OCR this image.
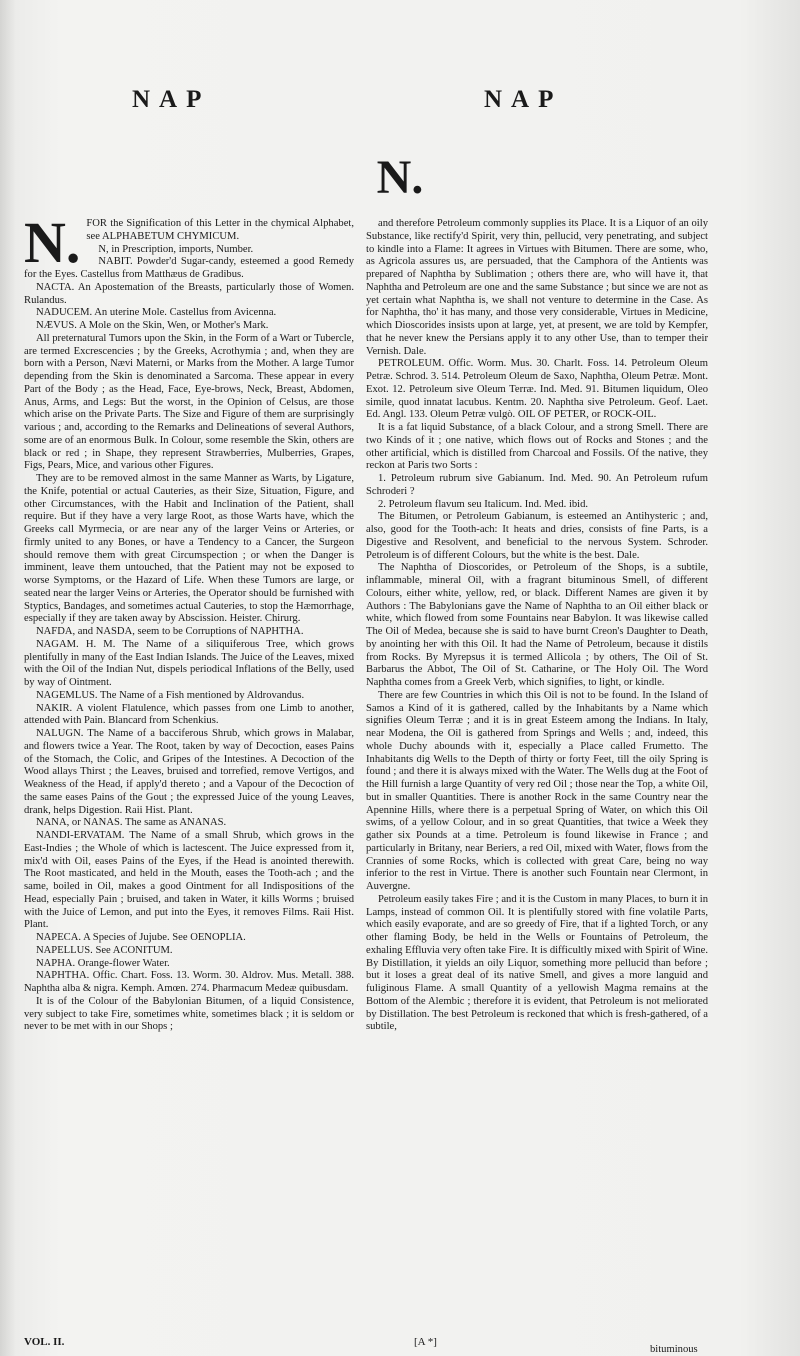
NAP	NAP
N.

N. FOR the Signification of this Letter in the chymical Alphabet, see ALPHABETUM CHYMICUM.

N, in Prescription, imports, Number.

NABIT. Powder'd Sugar-candy, esteemed a good Remedy for the Eyes. Castellus from Matthæus de Gradibus.

NACTA. An Apostemation of the Breasts, particularly those of Women. Rulandus.

NADUCEM. An uterine Mole. Castellus from Avicenna.

NÆVUS. A Mole on the Skin, Wen, or Mother's Mark.

All preternatural Tumors upon the Skin, in the Form of a Wart or Tubercle, are termed Excrescencies ; by the Greeks, Acrothymia ; and, when they are born with a Person, Nævi Materni, or Marks from the Mother. A large Tumor depending from the Skin is denominated a Sarcoma. These appear in every Part of the Body ; as the Head, Face, Eye-brows, Neck, Breast, Abdomen, Anus, Arms, and Legs: But the worst, in the Opinion of Celsus, are those which arise on the Private Parts. The Size and Figure of them are surprisingly various ; and, according to the Remarks and Delineations of several Authors, some are of an enormous Bulk. In Colour, some resemble the Skin, others are black or red ; in Shape, they represent Strawberries, Mulberries, Grapes, Figs, Pears, Mice, and various other Figures.

They are to be removed almost in the same Manner as Warts, by Ligature, the Knife, potential or actual Cauteries, as their Size, Situation, Figure, and other Circumstances, with the Habit and Inclination of the Patient, shall require. But if they have a very large Root, as those Warts have, which the Greeks call Myrmecia, or are near any of the larger Veins or Arteries, or firmly united to any Bones, or have a Tendency to a Cancer, the Surgeon should remove them with great Circumspection ; or when the Danger is imminent, leave them untouched, that the Patient may not be exposed to worse Symptoms, or the Hazard of Life. When these Tumors are large, or seated near the larger Veins or Arteries, the Operator should be furnished with Styptics, Bandages, and sometimes actual Cauteries, to stop the Hæmorrhage, especially if they are taken away by Abscission. Heister. Chirurg.

NAFDA, and NASDA, seem to be Corruptions of NAPHTHA.

NAGAM. H. M. The Name of a siliquiferous Tree, which grows plentifully in many of the East Indian Islands. The Juice of the Leaves, mixed with the Oil of the Indian Nut, dispels periodical Inflations of the Belly, used by way of Ointment.

NAGEMLUS. The Name of a Fish mentioned by Aldrovandus.

NAKIR. A violent Flatulence, which passes from one Limb to another, attended with Pain. Blancard from Schenkius.

NALUGN. The Name of a bacciferous Shrub, which grows in Malabar, and flowers twice a Year. The Root, taken by way of Decoction, eases Pains of the Stomach, the Colic, and Gripes of the Intestines. A Decoction of the Wood allays Thirst ; the Leaves, bruised and torrefied, remove Vertigos, and Weakness of the Head, if apply'd thereto ; and a Vapour of the Decoction of the same eases Pains of the Gout ; the expressed Juice of the young Leaves, drank, helps Digestion. Raii Hist. Plant.

NANA, or NANAS. The same as ANANAS.

NANDI-ERVATAM. The Name of a small Shrub, which grows in the East-Indies ; the Whole of which is lactescent. The Juice expressed from it, mix'd with Oil, eases Pains of the Eyes, if the Head is anointed therewith. The Root masticated, and held in the Mouth, eases the Tooth-ach ; and the same, boiled in Oil, makes a good Ointment for all Indispositions of the Head, especially Pain ; bruised, and taken in Water, it kills Worms ; bruised with the Juice of Lemon, and put into the Eyes, it removes Films. Raii Hist. Plant.

NAPECA. A Species of Jujube. See OENOPLIA.

NAPELLUS. See ACONITUM.

NAPHA. Orange-flower Water.

NAPHTHA. Offic. Chart. Foss. 13. Worm. 30. Aldrov. Mus. Metall. 388. Naphtha alba & nigra. Kemph. Amœn. 274. Pharmacum Medeæ quibusdam.

It is of the Colour of the Babylonian Bitumen, of a liquid Consistence, very subject to take Fire, sometimes white, sometimes black ; it is seldom or never to be met with in our Shops ;

and therefore Petroleum commonly supplies its Place. It is a Liquor of an oily Substance, like rectify'd Spirit, very thin, pellucid, very penetrating, and subject to kindle into a Flame: It agrees in Virtues with Bitumen. There are some, who, as Agricola assures us, are persuaded, that the Camphora of the Antients was prepared of Naphtha by Sublimation ; others there are, who will have it, that Naphtha and Petroleum are one and the same Substance ; but since we are not as yet certain what Naphtha is, we shall not venture to determine in the Case. As for Naphtha, tho' it has many, and those very considerable, Virtues in Medicine, which Dioscorides insists upon at large, yet, at present, we are told by Kempfer, that he never knew the Persians apply it to any other Use, than to temper their Vernish. Dale.

PETROLEUM. Offic. Worm. Mus. 30. Charlt. Foss. 14. Petroleum Oleum Petræ. Schrod. 3. 514. Petroleum Oleum de Saxo, Naphtha, Oleum Petræ. Mont. Exot. 12. Petroleum sive Oleum Terræ. Ind. Med. 91. Bitumen liquidum, Oleo simile, quod innatat lacubus. Kentm. 20. Naphtha sive Petroleum. Geof. Laet. Ed. Angl. 133. Oleum Petræ vulgò. OIL OF PETER, or ROCK-OIL.

It is a fat liquid Substance, of a black Colour, and a strong Smell. There are two Kinds of it ; one native, which flows out of Rocks and Stones ; and the other artificial, which is distilled from Charcoal and Fossils. Of the native, they reckon at Paris two Sorts :

1. Petroleum rubrum sive Gabianum. Ind. Med. 90. An Petroleum rufum Schroderi ?

2. Petroleum flavum seu Italicum. Ind. Med. ibid.

The Bitumen, or Petroleum Gabianum, is esteemed an Antihysteric ; and, also, good for the Tooth-ach: It heats and dries, consists of fine Parts, is a Digestive and Resolvent, and beneficial to the nervous System. Schroder. Petroleum is of different Colours, but the white is the best. Dale.

The Naphtha of Dioscorides, or Petroleum of the Shops, is a subtile, inflammable, mineral Oil, with a fragrant bituminous Smell, of different Colours, either white, yellow, red, or black. Different Names are given it by Authors : The Babylonians gave the Name of Naphtha to an Oil either black or white, which flowed from some Fountains near Babylon. It was likewise called The Oil of Medea, because she is said to have burnt Creon's Daughter to Death, by anointing her with this Oil. It had the Name of Petroleum, because it distils from Rocks. By Myrepsus it is termed Allicola ; by others, The Oil of St. Barbarus the Abbot, The Oil of St. Catharine, or The Holy Oil. The Word Naphtha comes from a Greek Verb, which signifies, to light, or kindle.

There are few Countries in which this Oil is not to be found. In the Island of Samos a Kind of it is gathered, called by the Inhabitants by a Name which signifies Oleum Terræ ; and it is in great Esteem among the Indians. In Italy, near Modena, the Oil is gathered from Springs and Wells ; and, indeed, this whole Duchy abounds with it, especially a Place called Frumetto. The Inhabitants dig Wells to the Depth of thirty or forty Feet, till the oily Spring is found ; and there it is always mixed with the Water. The Wells dug at the Foot of the Hill furnish a large Quantity of very red Oil ; those near the Top, a white Oil, but in smaller Quantities. There is another Rock in the same Country near the Apennine Hills, where there is a perpetual Spring of Water, on which this Oil swims, of a yellow Colour, and in so great Quantities, that twice a Week they gather six Pounds at a time. Petroleum is found likewise in France ; and particularly in Britany, near Beriers, a red Oil, mixed with Water, flows from the Crannies of some Rocks, which is collected with great Care, being no way inferior to the rest in Virtue. There is another such Fountain near Clermont, in Auvergne.

Petroleum easily takes Fire ; and it is the Custom in many Places, to burn it in Lamps, instead of common Oil. It is plentifully stored with fine volatile Parts, which easily evaporate, and are so greedy of Fire, that if a lighted Torch, or any other flaming Body, be held in the Wells or Fountains of Petroleum, the exhaling Effluvia very often take Fire. It is difficultly mixed with Spirit of Wine. By Distillation, it yields an oily Liquor, something more pellucid than before ; but it loses a great deal of its native Smell, and gives a more languid and fuliginous Flame. A small Quantity of a yellowish Magma remains at the Bottom of the Alembic ; therefore it is evident, that Petroleum is not meliorated by Distillation. The best Petroleum is reckoned that which is fresh-gathered, of a subtile,

VOL. II.	[A *]
bituminous
